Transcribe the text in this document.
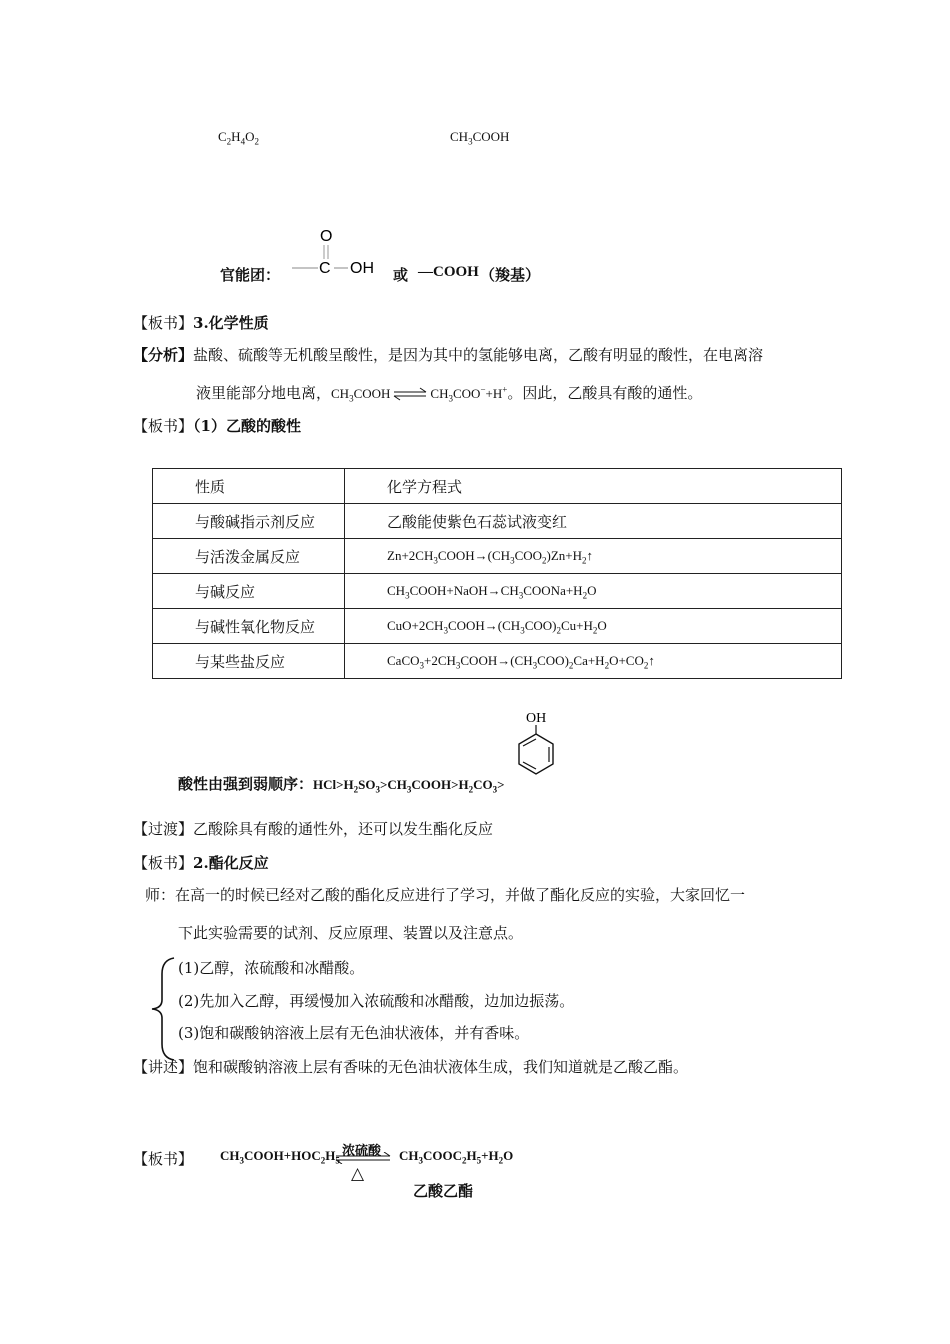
$C_2H_4O_2$	$CH_3COOH$
官能团：
O
C OH 或 —COOH （羧基）
【板书】3.化学性质
【分析】盐酸、硫酸等无机酸呈酸性，是因为其中的氢能够电离，乙酸有明显的酸性，在电离溶
液里能部分地电离，$CH_3COOH$ ⇌ $CH_3COO^-+H^+$。因此，乙酸具有酸的通性。
【板书】（1）乙酸的酸性
性质	化学方程式
与酸碱指示剂反应	乙酸能使紫色石蕊试液变红
与活泼金属反应	$Zn+2CH_3COOH\to(CH_3COO_2)Zn+H_2↑$
与碱反应	$CH_3COOH+NaOH\to CH_3COONa+H_2O$
与碱性氧化物反应	$CuO+2CH_3COOH\to(CH_3COO)_2Cu+H_2O$
与某些盐反应	$CaCO_3+2CH_3COOH\to(CH_3COO)_2Ca+H_2O+CO_2↑$
酸性由强到弱顺序：$HCl>H_2SO_3>CH_3COOH>H_2CO_3>$
OH
【过渡】乙酸除具有酸的通性外，还可以发生酯化反应
【板书】2.酯化反应
师：在高一的时候已经对乙酸的酯化反应进行了学习，并做了酯化反应的实验，大家回忆一
下此实验需要的试剂、反应原理、装置以及注意点。
(1)乙醇，浓硫酸和冰醋酸。
(2)先加入乙醇，再缓慢加入浓硫酸和冰醋酸，边加边振荡。
(3)饱和碳酸钠溶液上层有无色油状液体，并有香味。
【讲述】饱和碳酸钠溶液上层有香味的无色油状液体生成，我们知道就是乙酸乙酯。
【板书】 $CH_3COOH+HOC_2H_5$
浓硫酸
△
$CH_3COOC_2H_5+H_2O$
乙酸乙酯
